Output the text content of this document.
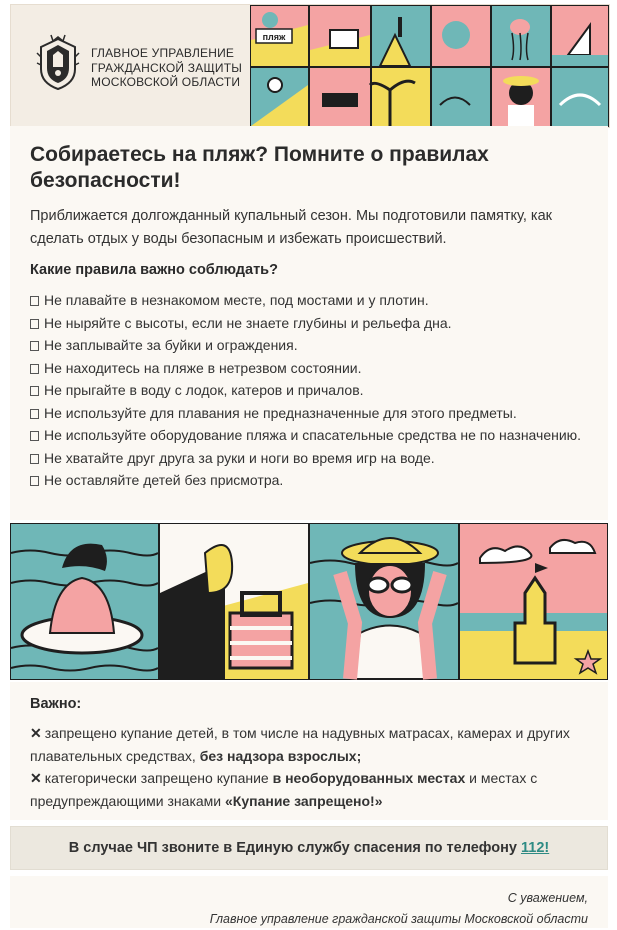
ГЛАВНОЕ УПРАВЛЕНИЕ
ГРАЖДАНСКОЙ ЗАЩИТЫ
МОСКОВСКОЙ ОБЛАСТИ
пляж
Собираетесь на пляж? Помните о правилах безопасности!
Приближается долгожданный купальный сезон. Мы подготовили памятку, как сделать отдых у воды безопасным и избежать происшествий.
Какие правила важно соблюдать?
Не плавайте в незнакомом месте, под мостами и у плотин.
Не ныряйте с высоты, если не знаете глубины и рельефа дна.
Не заплывайте за буйки и ограждения.
Не находитесь на пляже в нетрезвом состоянии.
Не прыгайте в воду с лодок, катеров и причалов.
Не используйте для плавания не предназначенные для этого предметы.
Не используйте оборудование пляжа и спасательные средства не по назначению.
Не хватайте друг друга за руки и ноги во время игр на воде.
Не оставляйте детей без присмотра.
Важно:
✕ запрещено купание детей, в том числе на надувных матрасах, камерах и других плавательных средствах, без надзора взрослых;
✕ категорически запрещено купание в необорудованных местах и местах с предупреждающими знаками «Купание запрещено!»
В случае ЧП звоните в Единую службу спасения по телефону 112!
С уважением,
Главное управление гражданской защиты Московской области
